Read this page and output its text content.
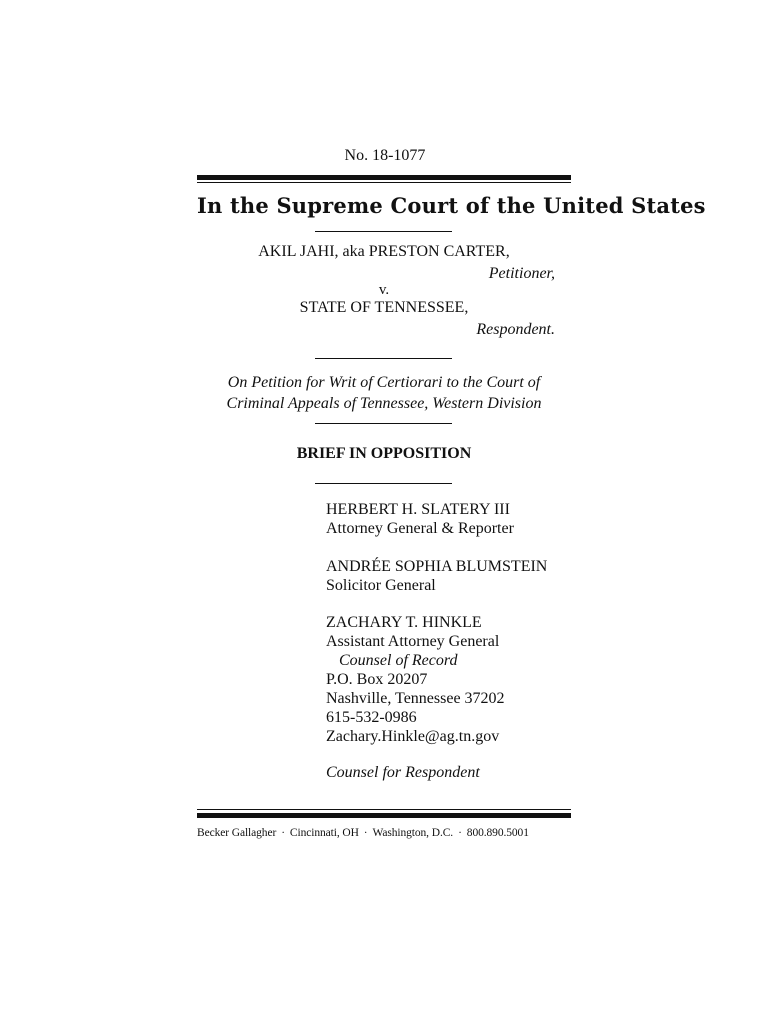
No. 18-1077
In the Supreme Court of the United States
AKIL JAHI, aka PRESTON CARTER,
Petitioner,
v.
STATE OF TENNESSEE,
Respondent.
On Petition for Writ of Certiorari to the Court of
Criminal Appeals of Tennessee, Western Division
BRIEF IN OPPOSITION
HERBERT H. SLATERY III
Attorney General & Reporter
ANDRÉE SOPHIA BLUMSTEIN
Solicitor General
ZACHARY T. HINKLE
Assistant Attorney General
Counsel of Record
P.O. Box 20207
Nashville, Tennessee 37202
615-532-0986
Zachary.Hinkle@ag.tn.gov
Counsel for Respondent
Becker Gallagher · Cincinnati, OH · Washington, D.C. · 800.890.5001
